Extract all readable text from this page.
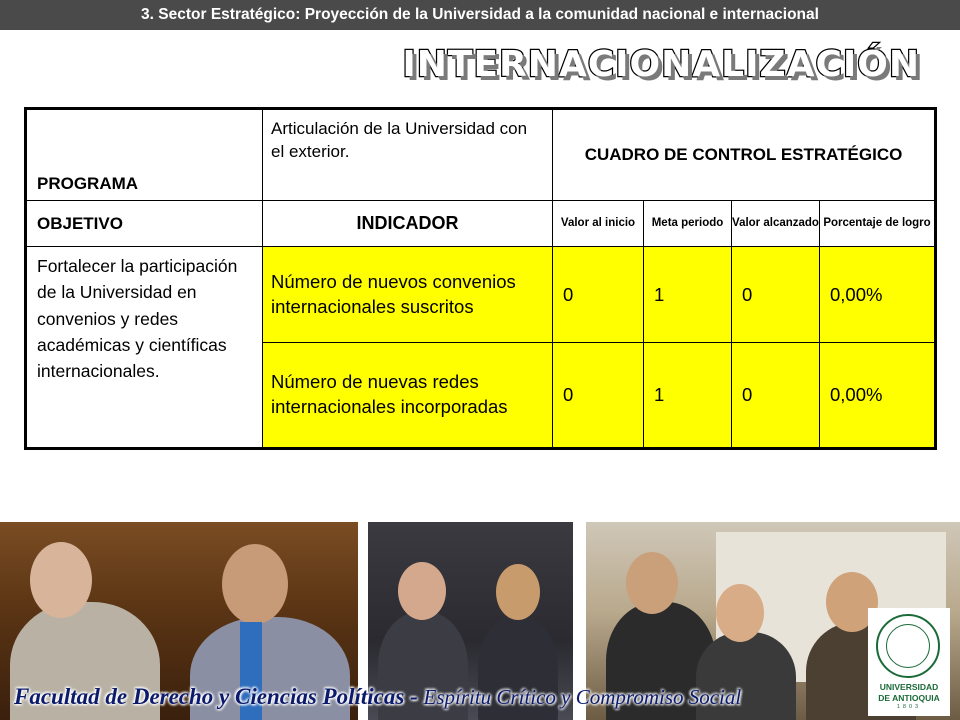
3. Sector Estratégico: Proyección de la Universidad a la comunidad nacional e internacional
INTERNACIONALIZACIÓN
PROGRAMA	Articulación de la Universidad con el exterior.	CUADRO DE CONTROL ESTRATÉGICO			
OBJETIVO	INDICADOR	Valor al inicio	Meta periodo	Valor alcanzado	Porcentaje de logro
Fortalecer la participación de la Universidad en convenios y redes académicas y científicas internacionales.	Número de nuevos convenios internacionales suscritos	0	1	0	0,00%
	Número de nuevas redes internacionales incorporadas	0	1	0	0,00%
Facultad de Derecho y Ciencias Políticas - Espíritu Crítico y Compromiso Social	UNIVERSIDAD
DE ANTIOQUIA
1803
